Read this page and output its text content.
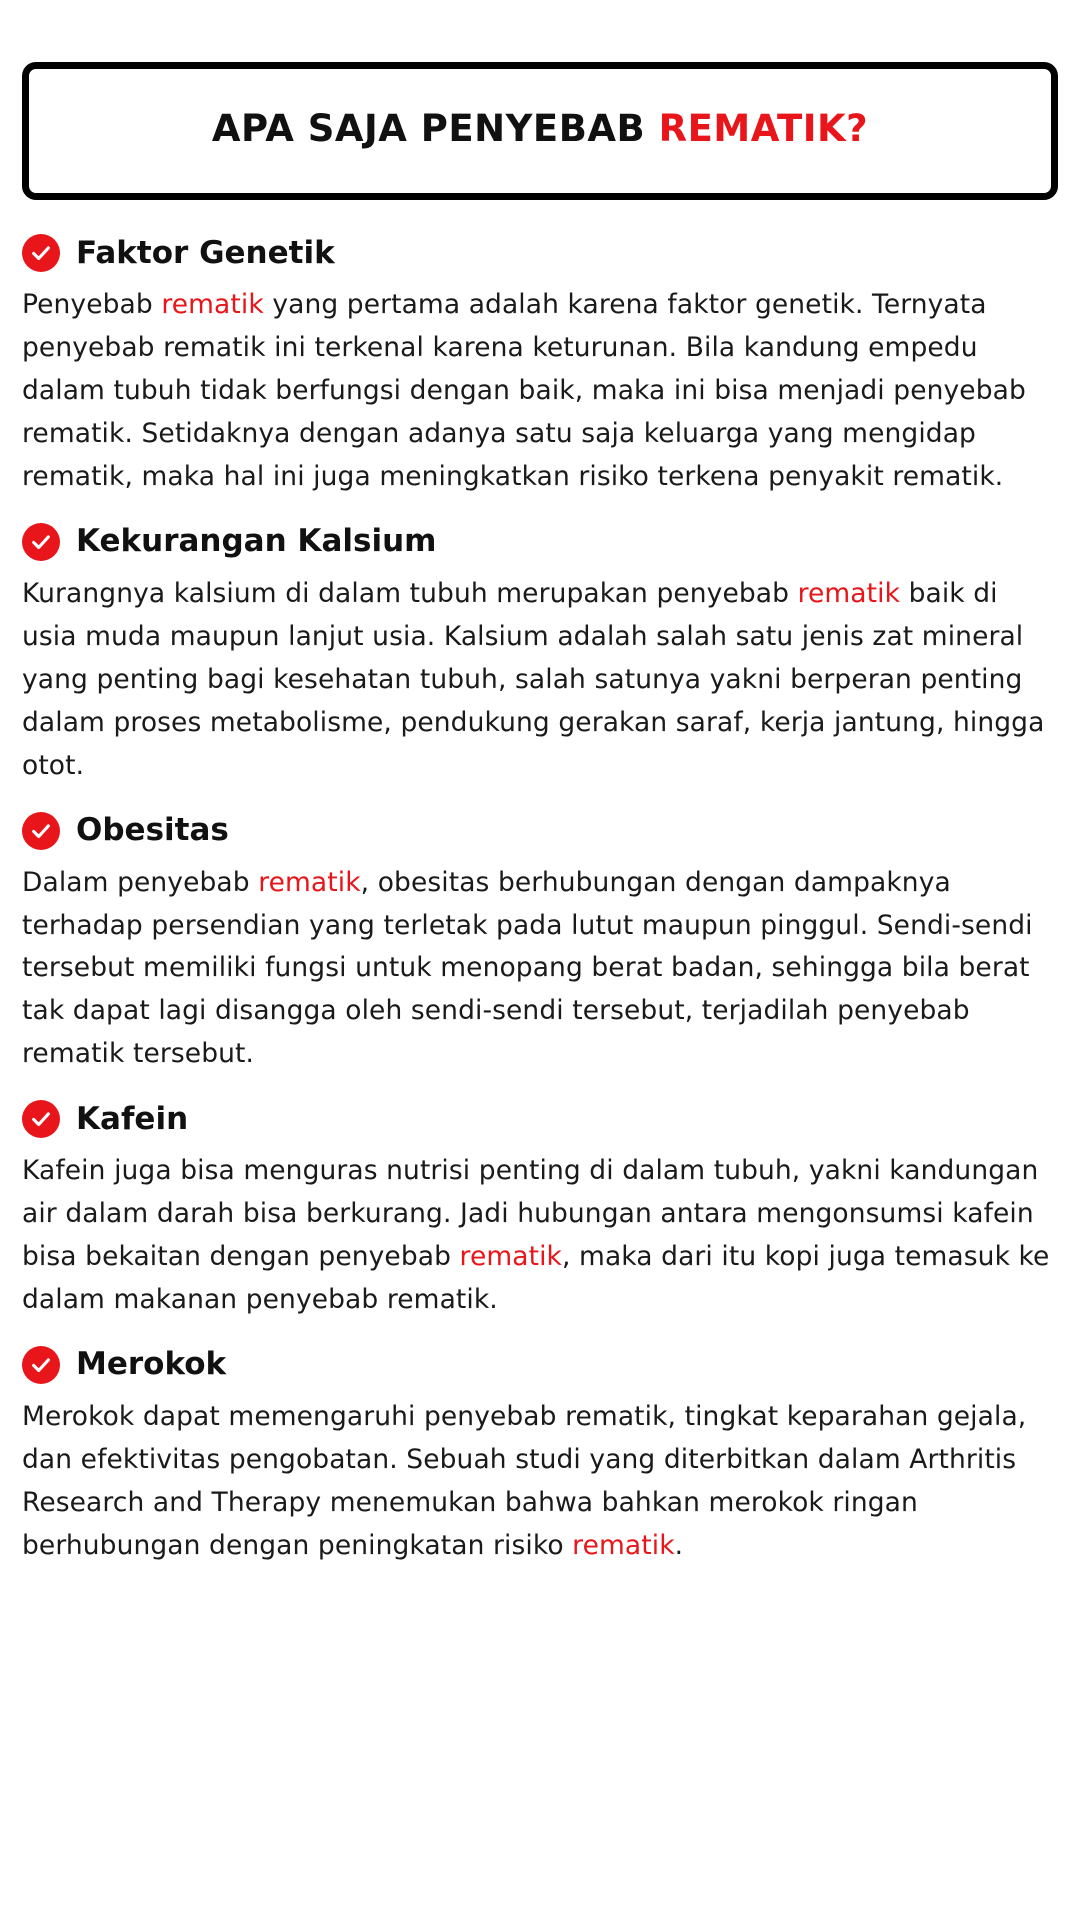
APA SAJA PENYEBAB REMATIK?
Faktor Genetik

Penyebab rematik yang pertama adalah karena faktor genetik. Ternyata penyebab rematik ini terkenal karena keturunan. Bila kandung empedu dalam tubuh tidak berfungsi dengan baik, maka ini bisa menjadi penyebab rematik. Setidaknya dengan adanya satu saja keluarga yang mengidap rematik, maka hal ini juga meningkatkan risiko terkena penyakit rematik.

Kekurangan Kalsium

Kurangnya kalsium di dalam tubuh merupakan penyebab rematik baik di usia muda maupun lanjut usia. Kalsium adalah salah satu jenis zat mineral yang penting bagi kesehatan tubuh, salah satunya yakni berperan penting dalam proses metabolisme, pendukung gerakan saraf, kerja jantung, hingga otot.

Obesitas

Dalam penyebab rematik, obesitas berhubungan dengan dampaknya terhadap persendian yang terletak pada lutut maupun pinggul. Sendi-sendi tersebut memiliki fungsi untuk menopang berat badan, sehingga bila berat tak dapat lagi disangga oleh sendi-sendi tersebut, terjadilah penyebab rematik tersebut.

Kafein

Kafein juga bisa menguras nutrisi penting di dalam tubuh, yakni kandungan air dalam darah bisa berkurang. Jadi hubungan antara mengonsumsi kafein bisa bekaitan dengan penyebab rematik, maka dari itu kopi juga temasuk ke dalam makanan penyebab rematik.

Merokok

Merokok dapat memengaruhi penyebab rematik, tingkat keparahan gejala, dan efektivitas pengobatan. Sebuah studi yang diterbitkan dalam Arthritis Research and Therapy menemukan bahwa bahkan merokok ringan berhubungan dengan peningkatan risiko rematik.
